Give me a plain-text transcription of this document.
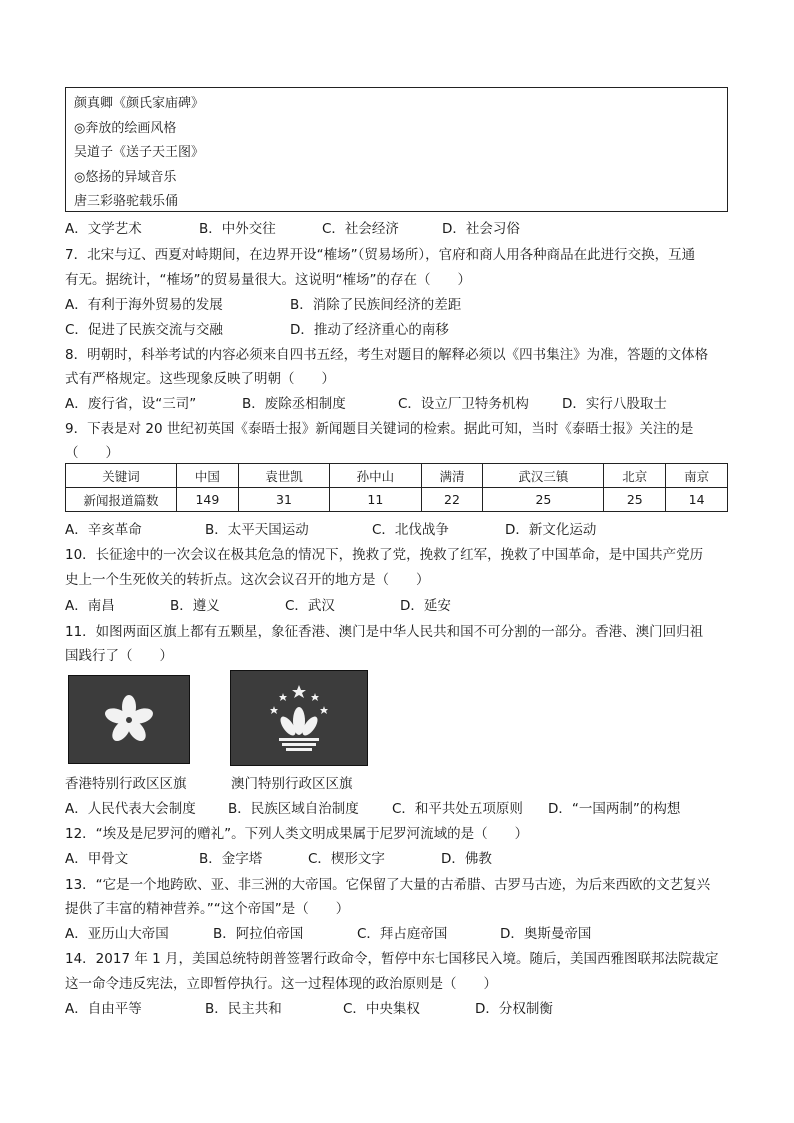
颜真卿《颜氏家庙碑》
◎奔放的绘画风格
吴道子《送子天王图》
◎悠扬的异域音乐
唐三彩骆驼载乐俑
A．文学艺术	B．中外交往	C．社会经济	D．社会习俗
7．北宋与辽、西夏对峙期间，在边界开设“榷场”（贸易场所），官府和商人用各种商品在此进行交换，互通
有无。据统计，“榷场”的贸易量很大。这说明“榷场”的存在（　　）
A．有利于海外贸易的发展	B．消除了民族间经济的差距
C．促进了民族交流与交融	D．推动了经济重心的南移
8．明朝时，科举考试的内容必须来自四书五经，考生对题目的解释必须以《四书集注》为准，答题的文体格
式有严格规定。这些现象反映了明朝（　　）
A．废行省，设“三司”	B．废除丞相制度	C．设立厂卫特务机构 D．实行八股取士
9．下表是对 20 世纪初英国《泰晤士报》新闻题目关键词的检索。据此可知，当时《泰晤士报》关注的是
（　　）
关键词	中国	袁世凯	孙中山	满清	武汉三镇	北京	南京
新闻报道篇数	149	31	11	22	25	25	14
A．辛亥革命	B．太平天国运动	C．北伐战争	D．新文化运动
10．长征途中的一次会议在极其危急的情况下，挽救了党，挽救了红军，挽救了中国革命，是中国共产党历
史上一个生死攸关的转折点。这次会议召开的地方是（　　）
A．南昌	B．遵义	C．武汉	D．延安
11．如图两面区旗上都有五颗星，象征香港、澳门是中华人民共和国不可分割的一部分。香港、澳门回归祖
国践行了（　　）
香港特别行政区区旗	澳门特别行政区区旗
A．人民代表大会制度 B．民族区域自治制度 C．和平共处五项原则 D．“一国两制”的构想
12．“埃及是尼罗河的赠礼”。下列人类文明成果属于尼罗河流域的是（　　）
A．甲骨文	B．金字塔	C．楔形文字	D．佛教
13．“它是一个地跨欧、亚、非三洲的大帝国。它保留了大量的古希腊、古罗马古迹，为后来西欧的文艺复兴
提供了丰富的精神营养。”“这个帝国”是（　　）
A．亚历山大帝国	B．阿拉伯帝国	C．拜占庭帝国	D．奥斯曼帝国
14．2017 年 1 月，美国总统特朗普签署行政命令，暂停中东七国移民入境。随后，美国西雅图联邦法院裁定
这一命令违反宪法，立即暂停执行。这一过程体现的政治原则是（　　）
A．自由平等	B．民主共和	C．中央集权	D．分权制衡
